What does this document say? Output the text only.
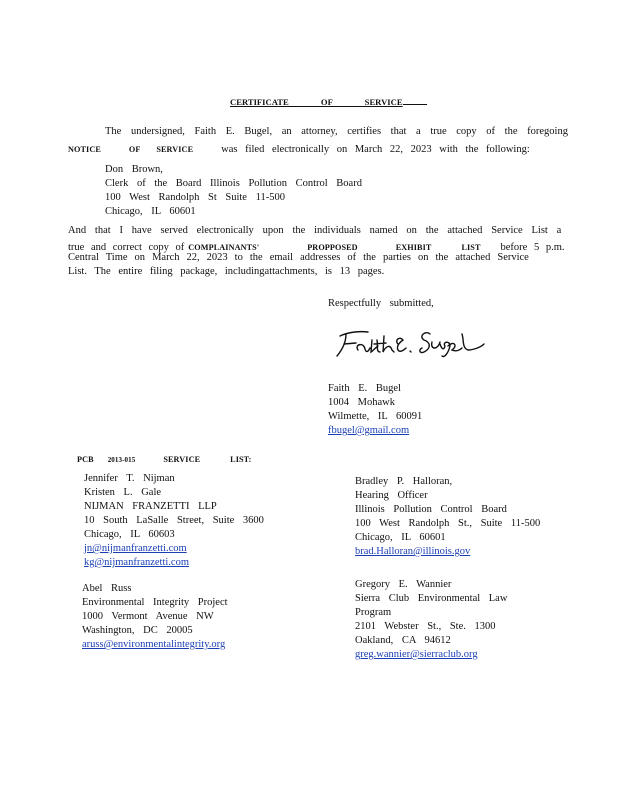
CERTIFICATE OF SERVICE
The undersigned, Faith E. Bugel, an attorney, certifies that a true copy of the foregoing
NOTICE	OF SERVICE	was filed electronically on March 22, 2023 with the following:
Don Brown,
Clerk of the Board Illinois Pollution Control Board
100 West Randolph St Suite 11-500
Chicago, IL 60601
And that I have served electronically upon the individuals named on the attached Service List a
true and correct copy of COMPLAINANTS'	PROPPOSED	EXHIBIT	LIST before 5 p.m.
Central Time on March 22, 2023 to the email addresses of the parties on the attached Service
List. The entire filing package, includingattachments, is 13 pages.
Respectfully submitted,
Faith E. Bugel
1004 Mohawk
Wilmette, IL 60091
fbugel@gmail.com
PCB 2013-015	SERVICE	LIST:
Jennifer T. Nijman
Kristen L. Gale
NIJMAN FRANZETTI LLP
10 South LaSalle Street, Suite 3600
Chicago, IL 60603
jn@nijmanfranzetti.com
kg@nijmanfranzetti.com
Bradley P. Halloran,
Hearing Officer
Illinois Pollution Control Board
100 West Randolph St., Suite 11-500
Chicago, IL 60601
brad.Halloran@illinois.gov
Abel Russ
Environmental Integrity Project
1000 Vermont Avenue NW
Washington, DC 20005
aruss@environmentalintegrity.org
Gregory E. Wannier
Sierra Club Environmental Law
Program
2101 Webster St., Ste. 1300
Oakland, CA 94612
greg.wannier@sierraclub.org
